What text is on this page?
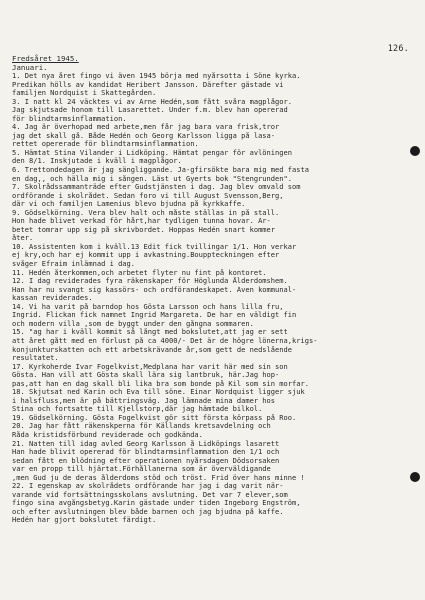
126.
Fredsåret 1945.
Januari.
1. Det nya året fingo vi även 1945 börja med nyårsotta i Söne kyrka.
Predikan hölls av kandidat Heribert Jansson. Därefter gästade vi
familjen Nordquist i Skattegården.
3. I natt kl 24 väcktes vi av Arne Hedén,som fått svåra magplågor.
Jag skjutsade honom till Lasarettet. Under f.m. blev han opererad
för blindtarmsinflammation.
4. Jag är överhopad med arbete,men får jag bara vara frisk,tror
jag det skall gå. Både Hedén och Georg Karlsson ligga på lasa-
rettet opererade för blindtarmsinflammation.
5. Hämtat Stina Vilander i Lidköping. Hämtat pengar för avlöningen
den 8/1. Inskjutade i kväll i magplågor.
6. Trettondedagen är jag sängliggande. Ja-gfirsökte bara mig med fasta
en dag,, och hälla mig i sången. Läst ut Gyerts bok "Stengrunden".
7. Skolrådssammanträde efter Gudstjänsten i dag. Jag blev omvald som
ordförande i skolrådet. Sedan foro vi till August Svensson,Berg,
där vi och familjen Lamenius blevo bjudna på kyrkkaffe.
9. Gödselkörning. Vera blev halt och måste ställas in på stall.
Hon hade blivet verkad för hårt,har tydligen tunna hovar. Ar-
betet tomrar upp sig på skrivbordet. Hoppas Hedén snart kommer
åter.
10. Assistenten kom i kväll.13 Edit fick tvillingar 1/1. Hon verkar
ej kry,och har ej kommit upp i avkastning.Bouppteckningen efter
svåger Efraim inlämnad i dag.
11. Hedén återkommen,och arbetet flyter nu fint på kontoret.
12. I dag reviderades fyra räkenskaper för Höglunda Ålderdomshem.
Han har nu svangt sig kassörs- och ordförandeskapet. Även kommunal-
kassan reviderades.
14. Vi ha varit på barndop hos Gösta Larsson och hans lilla fru,
Ingrid. Flickan fick namnet Ingrid Margareta. De har en väldigt fin
och modern villa ,som de byggt under den gångna sommaren.
15. "ag har i kväll kommit så långt med bokslutet,att jag er sett
att året gått med en förlust på ca 4000/- Det är de högre lönerna,krigs-
konjunkturskatten och ett arbetskrävande år,som gett de nedslående
resultatet.
17. Kyrkoherde Ivar Fogelkvist,Medplana har varit här med sin son
Gösta. Han vill att Gösta skall lära sig lantbruk, här.Jag hop-
pas,att han en dag skall bli lika bra som bonde på Kil som sin morfar.
18. Skjutsat ned Karin och Eva till söne. Einar Nordquist ligger sjuk
i halsfluss,men är på bättringsväg. Jag lämnade mina damer hos
Stina och fortsatte till Kjellstorp,där jag hämtade bilkol.
19. Gödselkörning. Gösta Fogelkvist gör sitt första körpass på Roo.
20. Jag har fått räkenskperna för Källands kretsavdelning och
Råda kristidsförbund reviderade och godkända.
21. Natten till idag avled Georg Karlsson å Lidköpings lasarett
Han hade blivit opererad för blindtarmsinflammation den 1/1 och
sedan fått en blödning efter operationen nyårsdagen Dödsorsaken
var en propp till hjärtat.Förhållanerna som är överväldigande
,men Gud ju de deras ålderdoms stöd och tröst. Frid över hans minne !
22. I egenskap av skolrådets ordförande har jag i dag varit när-
varande vid fortsättningsskolans avslutning. Det var 7 elever,som
fingo sina avgångsbetyg.Karin gästade under tiden Ingeborg Engström,
och efter avslutningen blev både barnen och jag bjudna på kaffe.
Hedén har gjort bokslutet färdigt.
